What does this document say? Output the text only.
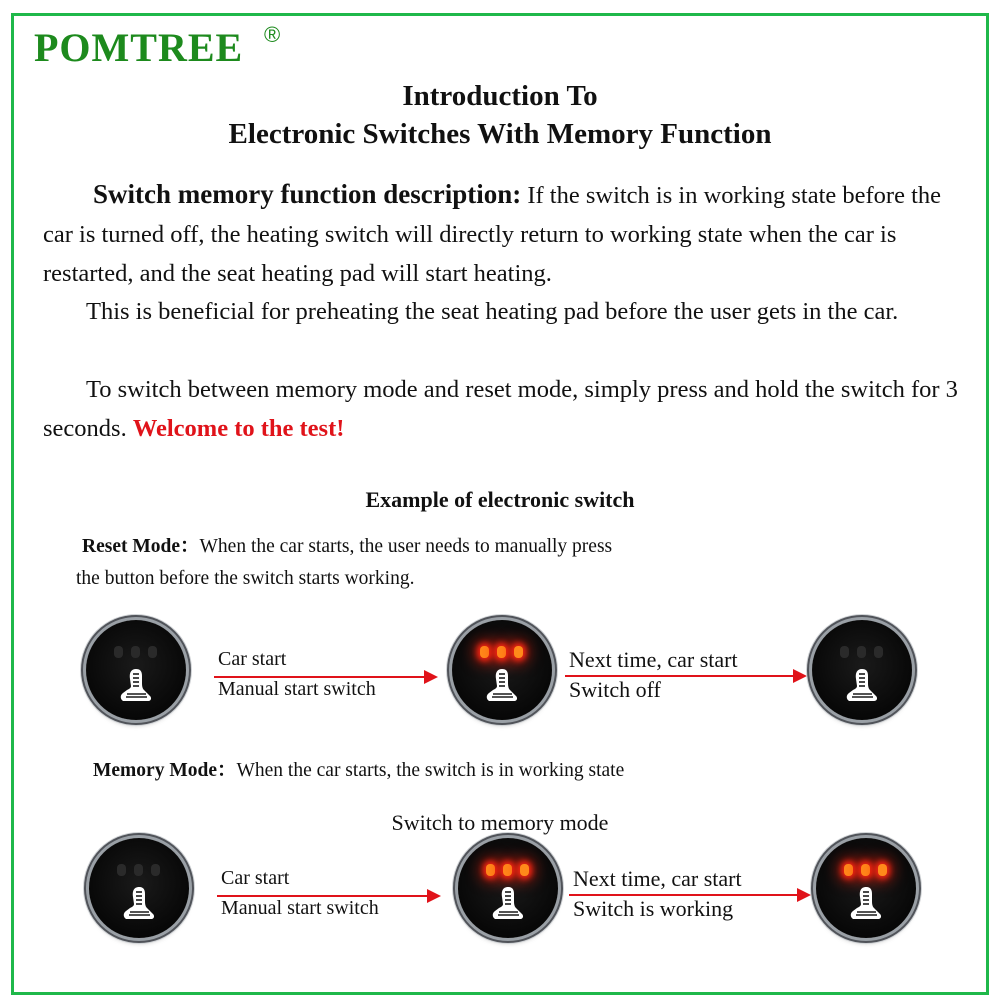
POMTREE ®
Introduction To
Electronic Switches With Memory Function
Switch memory function description: If the switch is in working state before the car is turned off, the heating switch will directly return to working state when the car is restarted, and the seat heating pad will start heating.
This is beneficial for preheating the seat heating pad before the user gets in the car.
To switch between memory mode and reset mode, simply press and hold the switch for 3 seconds. Welcome to the test!
Example of electronic switch
Reset Mode：When the car starts, the user needs to manually press
the button before the switch starts working.
Car start
Manual start switch
Next time, car start
Switch off
Memory Mode：When the car starts, the switch is in working state
Switch to memory mode
Car start
Manual start switch
Next time, car start
Switch is working
